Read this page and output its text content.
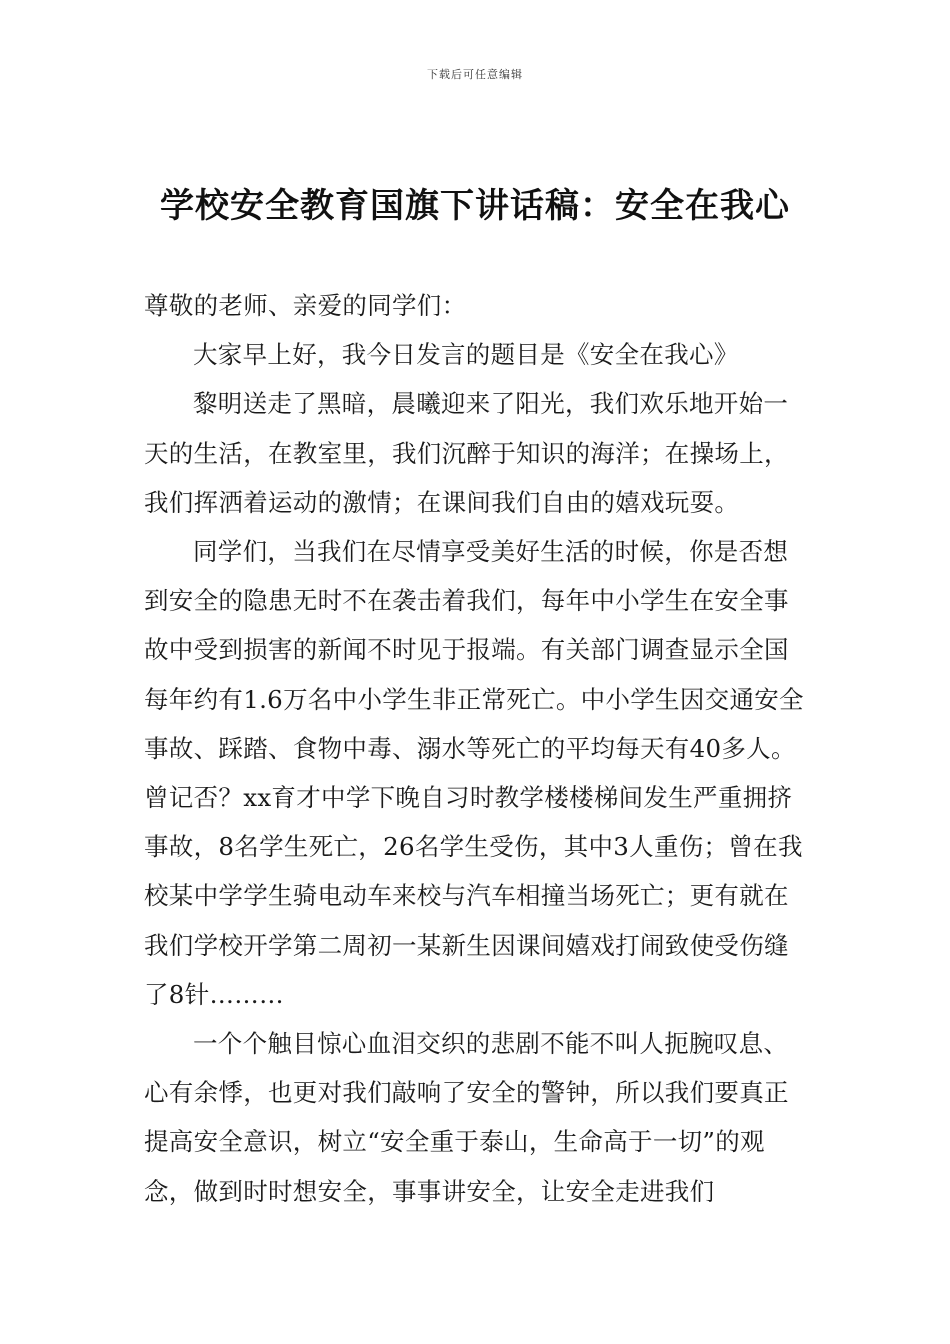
下载后可任意编辑
学校安全教育国旗下讲话稿：安全在我心

尊敬的老师、亲爱的同学们：

大家早上好，我今日发言的题目是《安全在我心》

黎明送走了黑暗，晨曦迎来了阳光，我们欢乐地开始一天的生活，在教室里，我们沉醉于知识的海洋；在操场上，我们挥洒着运动的激情；在课间我们自由的嬉戏玩耍。

同学们，当我们在尽情享受美好生活的时候，你是否想到安全的隐患无时不在袭击着我们，每年中小学生在安全事故中受到损害的新闻不时见于报端。有关部门调查显示全国每年约有1.6万名中小学生非正常死亡。中小学生因交通安全事故、踩踏、食物中毒、溺水等死亡的平均每天有40多人。曾记否？xx育才中学下晚自习时教学楼楼梯间发生严重拥挤事故，8名学生死亡，26名学生受伤，其中3人重伤；曾在我校某中学学生骑电动车来校与汽车相撞当场死亡；更有就在我们学校开学第二周初一某新生因课间嬉戏打闹致使受伤缝了8针………

一个个触目惊心血泪交织的悲剧不能不叫人扼腕叹息、心有余悸，也更对我们敲响了安全的警钟，所以我们要真正提高安全意识，树立“安全重于泰山，生命高于一切”的观念，做到时时想安全，事事讲安全，让安全走进我们
